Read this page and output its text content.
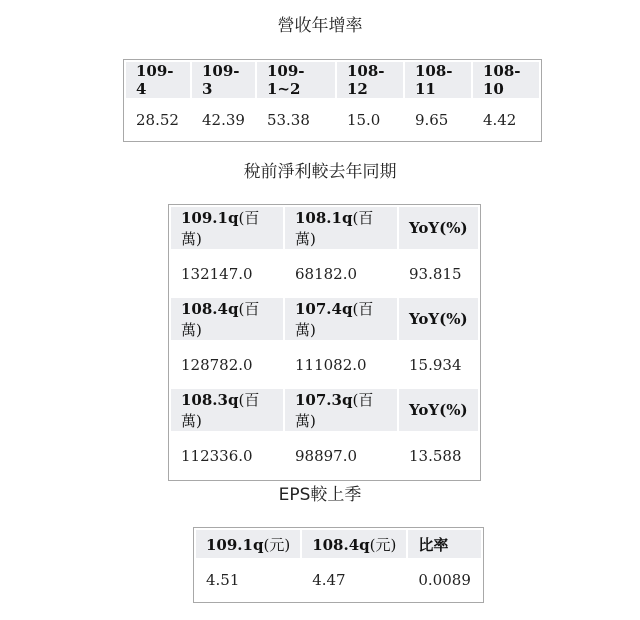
營收年增率
109-4	109-3	109-1~2	108-12	108-11	108-10
28.52	42.39	53.38	15.0	9.65	4.42
稅前淨利較去年同期
109.1q(百萬)	108.1q(百萬)	YoY(%)
132147.0	68182.0	93.815
108.4q(百萬)	107.4q(百萬)	YoY(%)
128782.0	111082.0	15.934
108.3q(百萬)	107.3q(百萬)	YoY(%)
112336.0	98897.0	13.588
EPS較上季
109.1q(元)	108.4q(元)	比率
4.51	4.47	0.0089
